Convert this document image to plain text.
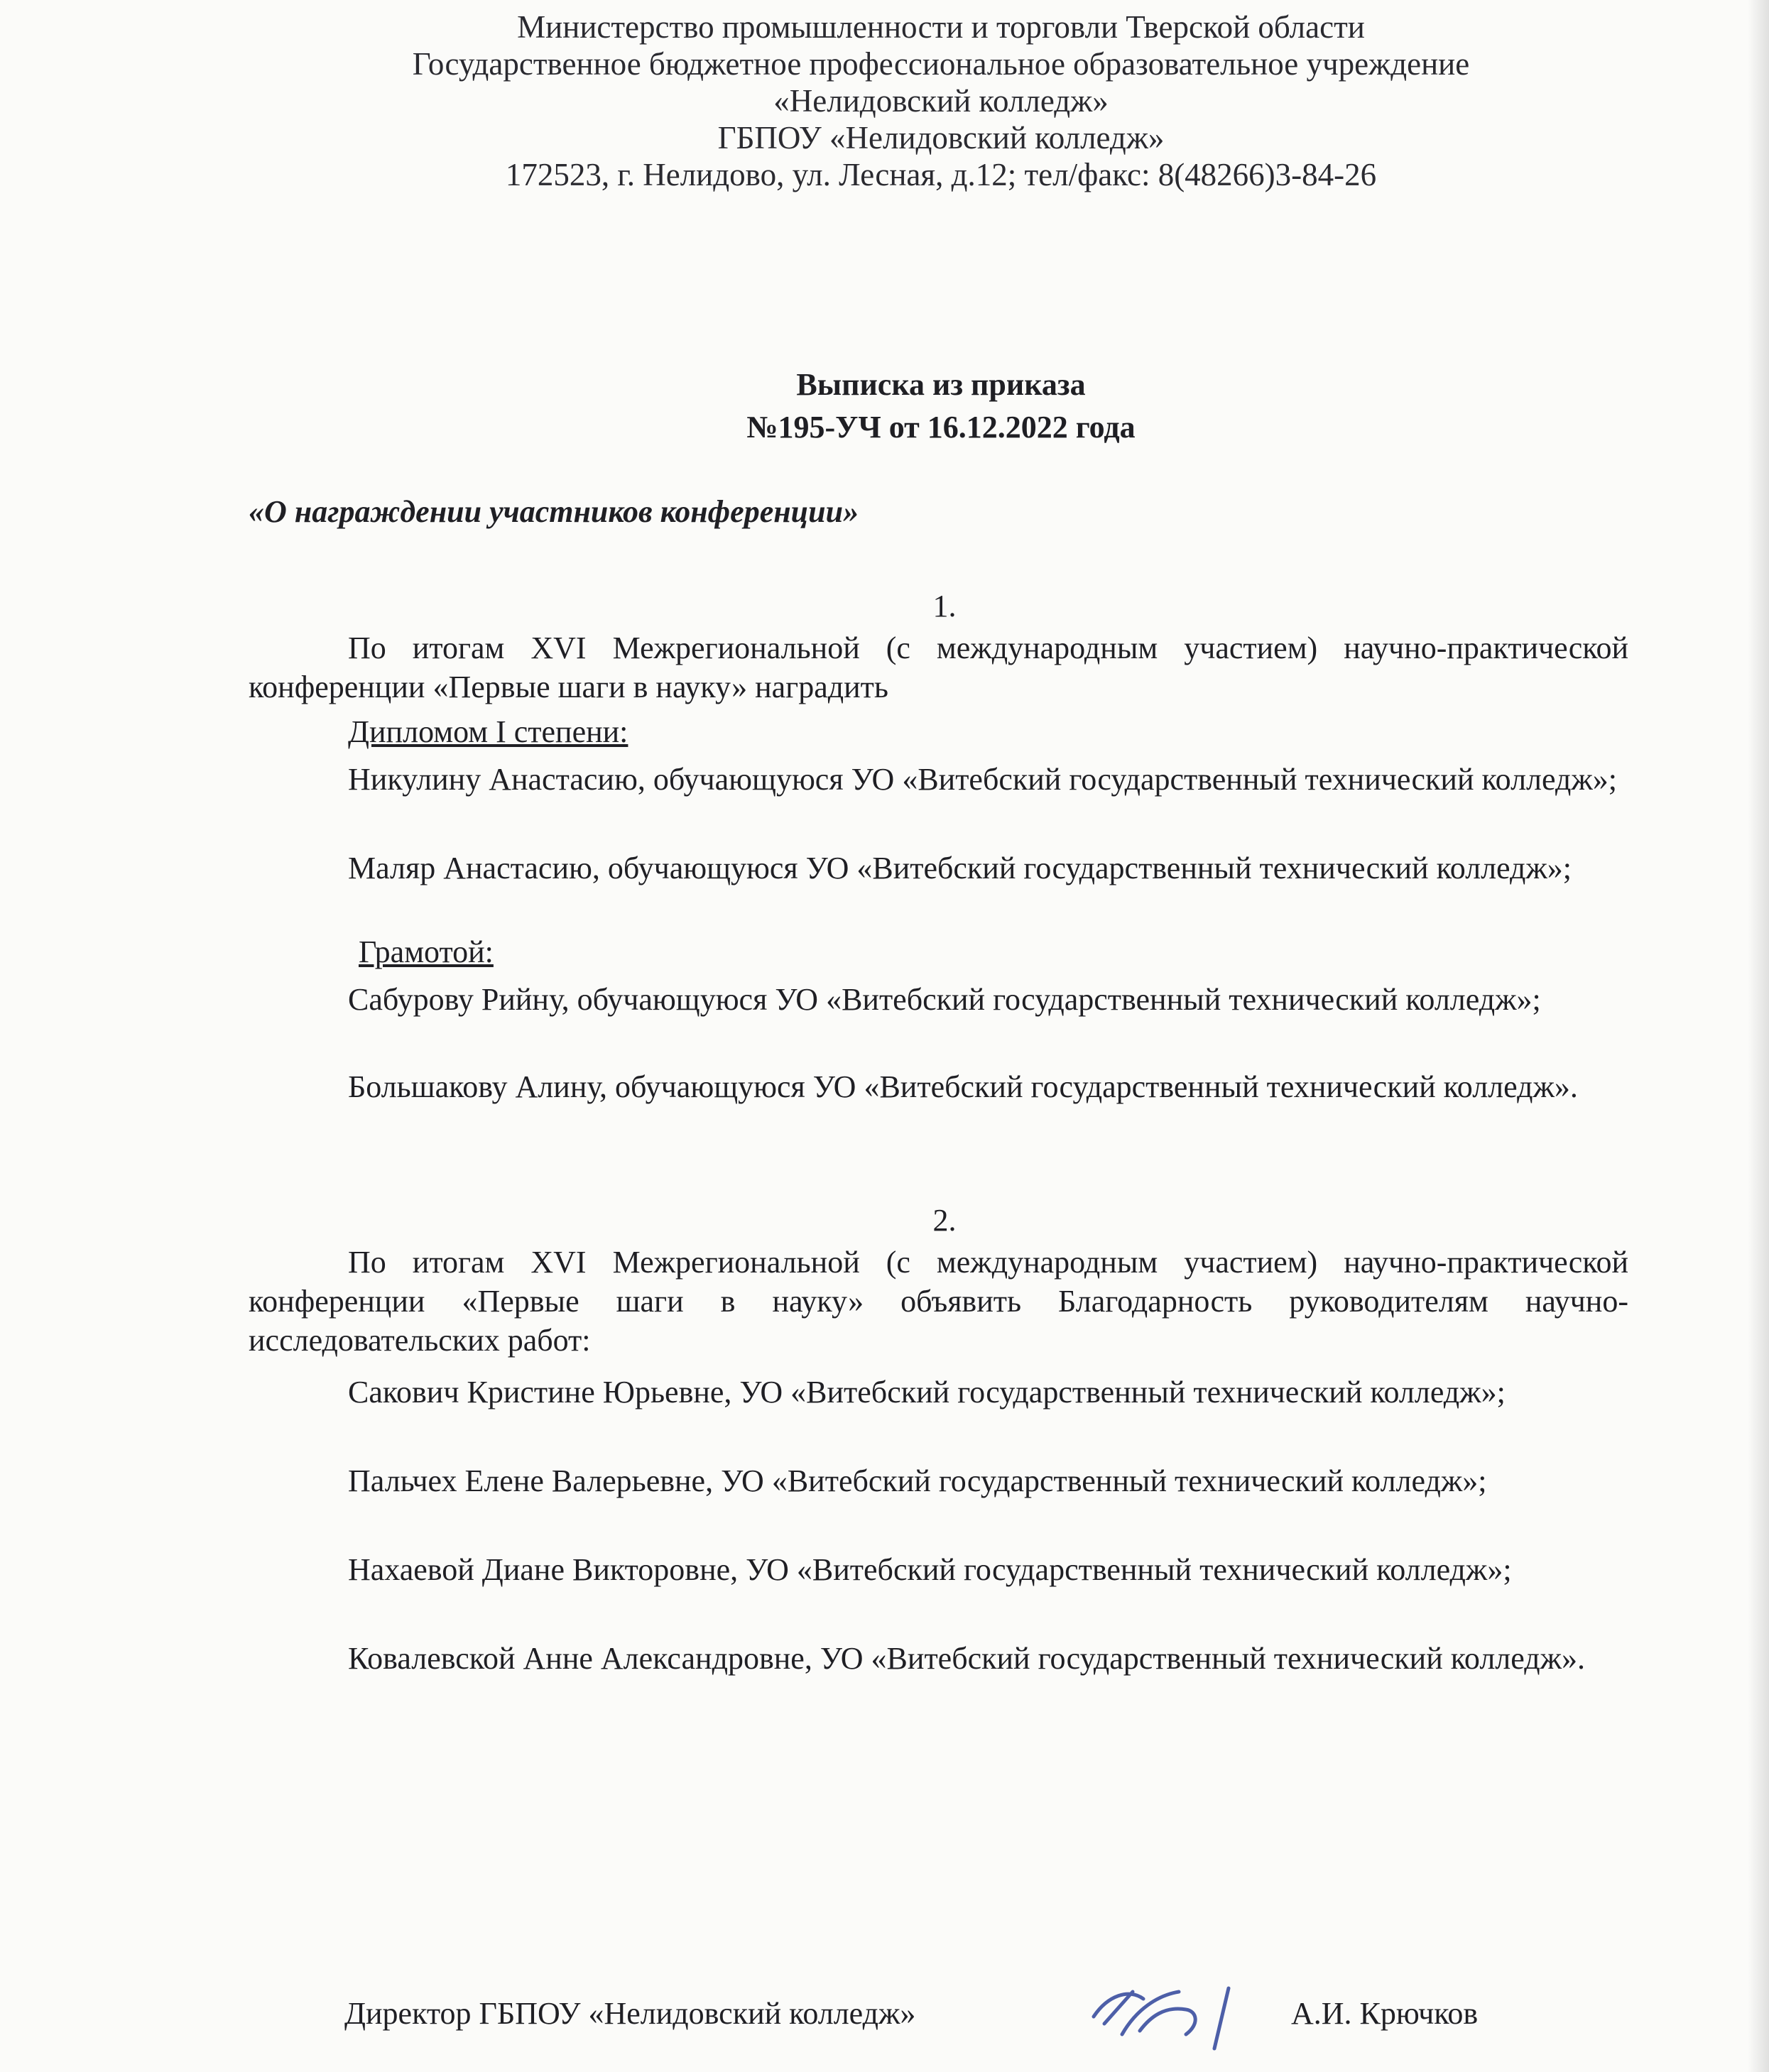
Министерство промышленности и торговли Тверской области
Государственное бюджетное профессиональное образовательное учреждение
«Нелидовский колледж»
ГБПОУ «Нелидовский колледж»
172523, г. Нелидово, ул. Лесная, д.12; тел/факс: 8(48266)3-84-26
Выписка из приказа
№195-УЧ от 16.12.2022 года
«О награждении участников конференции»
1.
По итогам XVI Межрегиональной (с международным участием) научно-практической конференции «Первые шаги в науку» наградить
Дипломом I степени:
Никулину Анастасию, обучающуюся УО «Витебский государственный технический колледж»;
Маляр Анастасию, обучающуюся УО «Витебский государственный технический колледж»;
Грамотой:
Сабурову Рийну, обучающуюся УО «Витебский государственный технический колледж»;
Большакову Алину, обучающуюся УО «Витебский государственный технический колледж».
2.
По итогам XVI Межрегиональной (с международным участием) научно-практической конференции «Первые шаги в науку» объявить Благодарность руководителям научно-исследовательских работ:
Сакович Кристине Юрьевне, УО «Витебский государственный технический колледж»;
Пальчех Елене Валерьевне, УО «Витебский государственный технический колледж»;
Нахаевой Диане Викторовне, УО «Витебский государственный технический колледж»;
Ковалевской Анне Александровне, УО «Витебский государственный технический колледж».
Директор ГБПОУ «Нелидовский колледж»	А.И. Крючков
